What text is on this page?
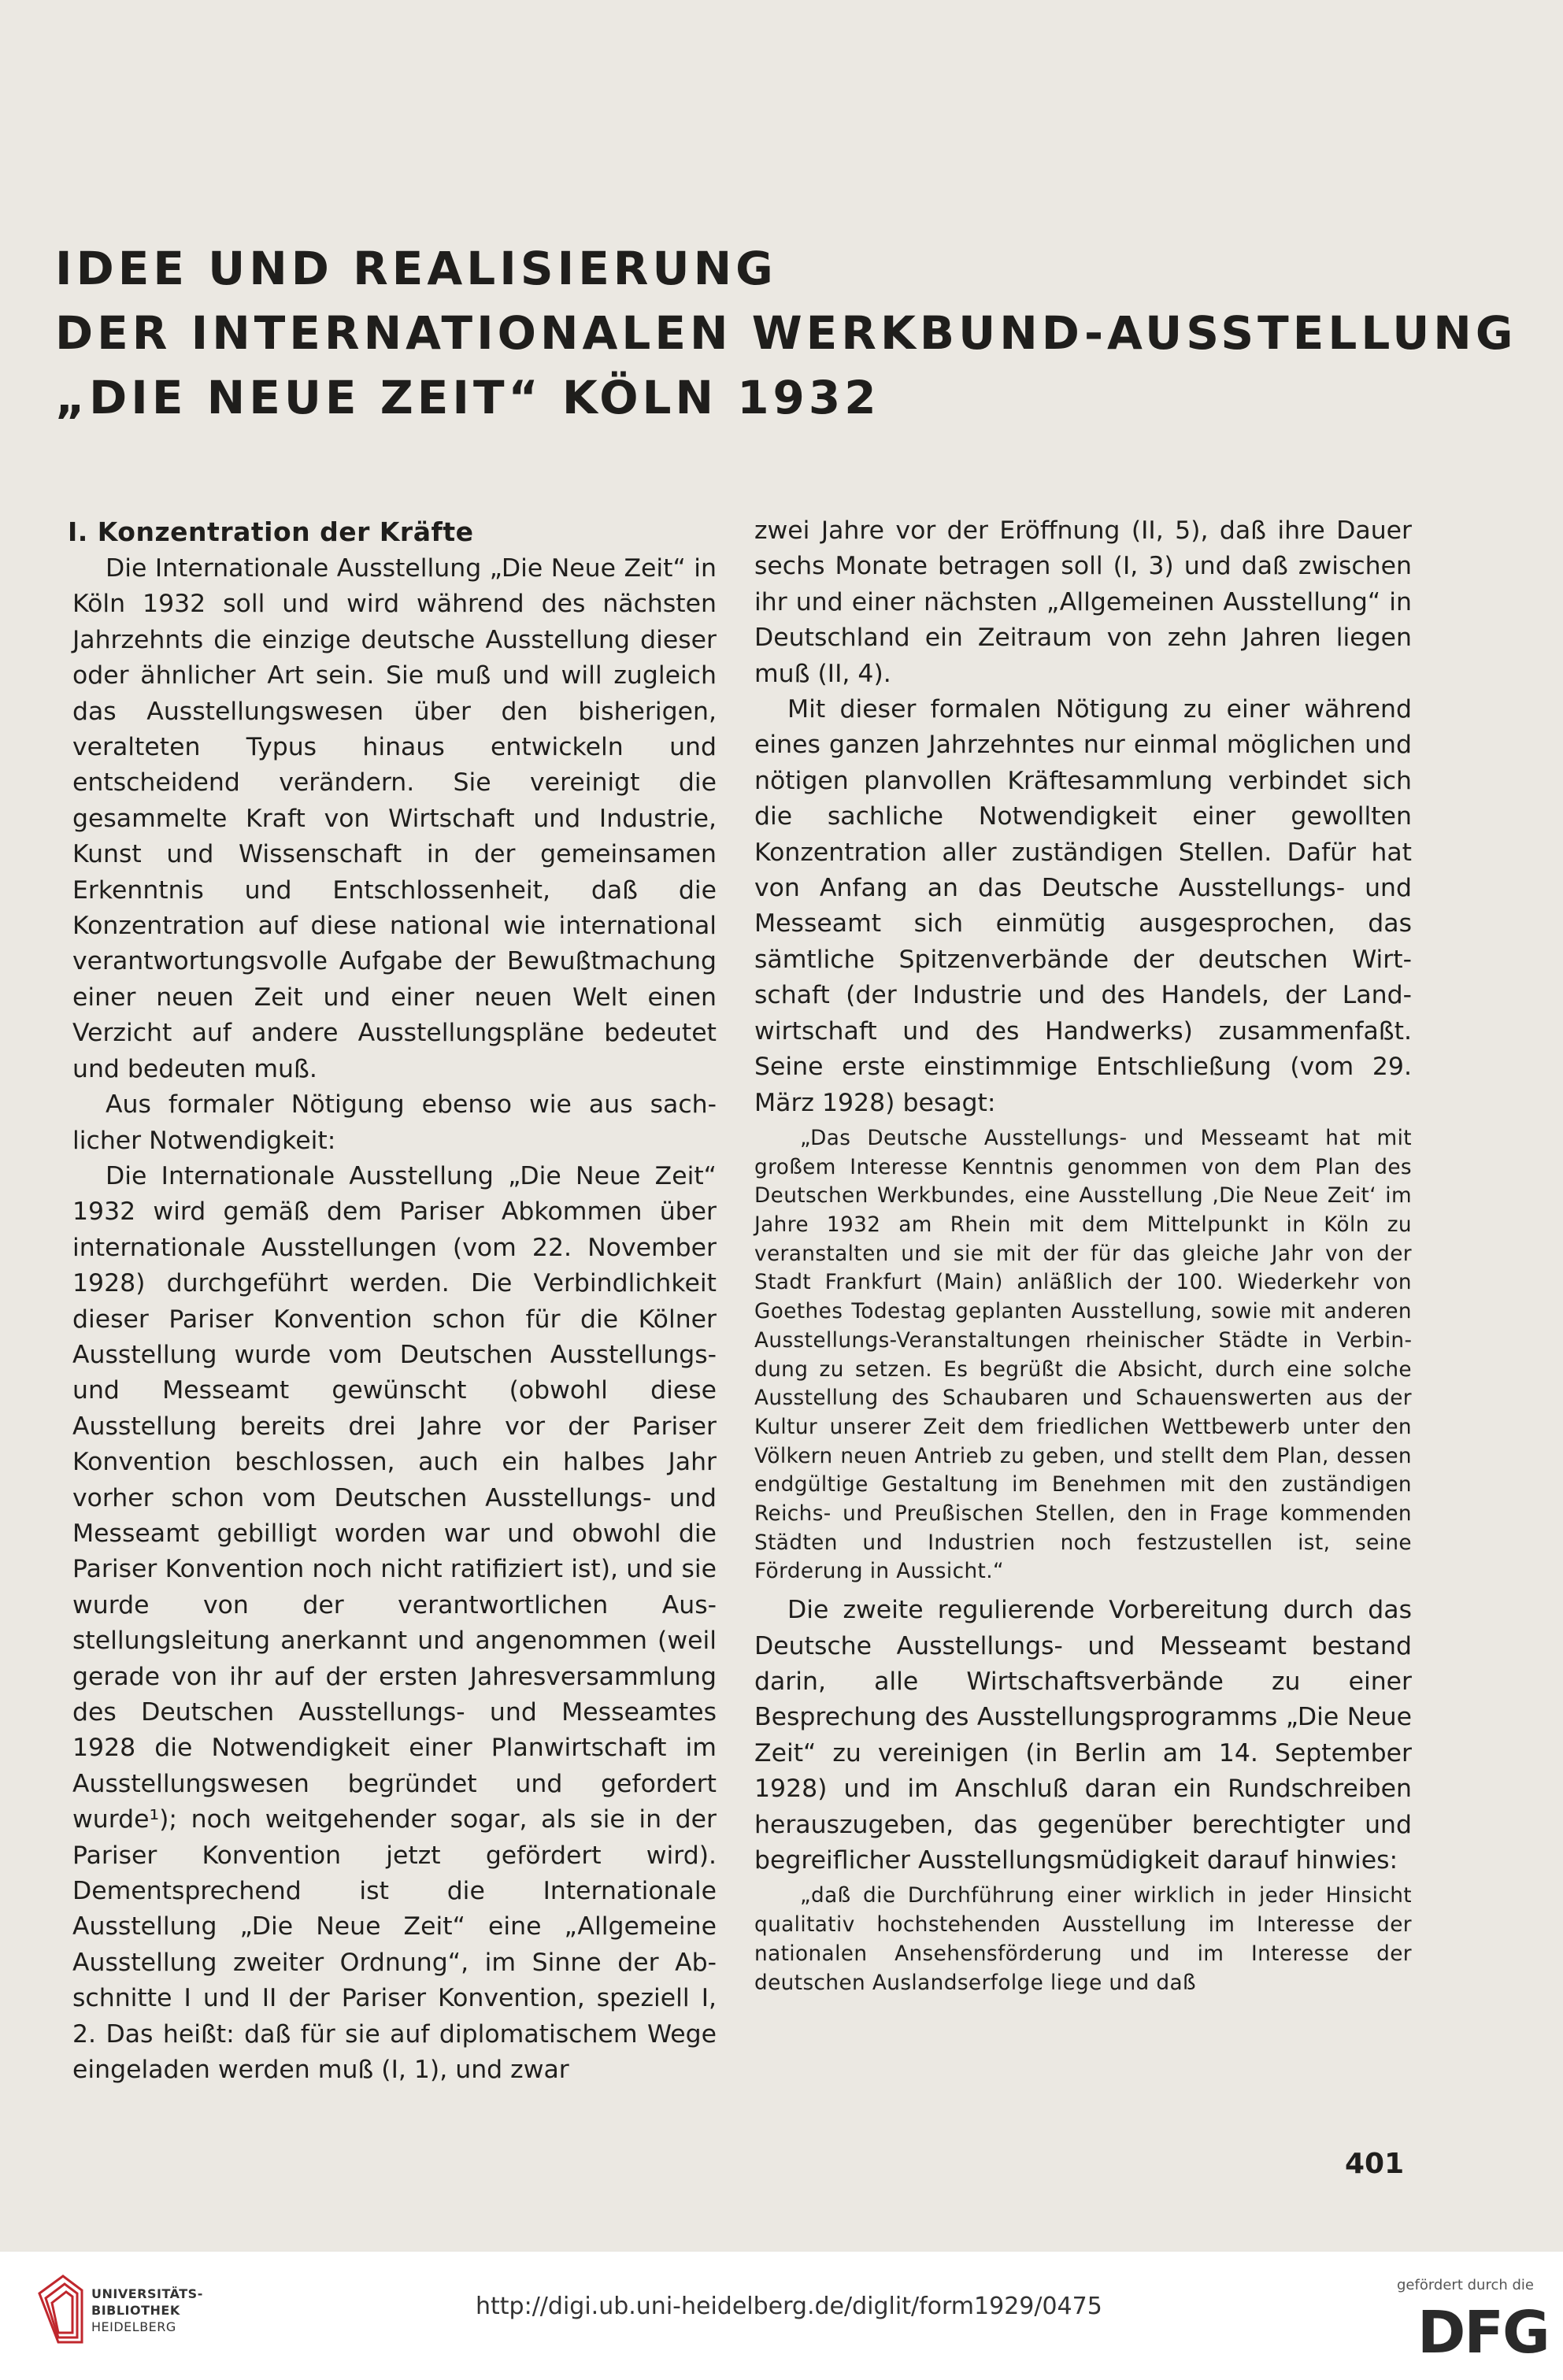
IDEE UND REALISIERUNG
DER INTERNATIONALEN WERKBUND-AUSSTELLUNG
„DIE NEUE ZEIT“ KÖLN 1932
I. Konzentration der Kräfte

Die Internationale Ausstellung „Die Neue Zeit“ in Köln 1932 soll und wird während des nächsten Jahrzehnts die einzige deutsche Ausstellung dieser oder ähnlicher Art sein. Sie muß und will zugleich das Ausstellungswesen über den bisherigen, veralteten Typus hinaus entwickeln und entscheidend verändern. Sie vereinigt die gesammelte Kraft von Wirtschaft und Industrie, Kunst und Wissenschaft in der gemeinsamen Erkenntnis und Entschlossenheit, daß die Konzentration auf diese national wie international verantwortungsvolle Aufgabe der Bewußtmachung einer neuen Zeit und einer neuen Welt einen Verzicht auf andere Ausstellungspläne bedeutet und bedeuten muß.

Aus formaler Nötigung ebenso wie aus sachlicher Notwendigkeit:

Die Internationale Ausstellung „Die Neue Zeit“ 1932 wird gemäß dem Pariser Abkommen über internationale Ausstellungen (vom 22. November 1928) durchgeführt werden. Die Verbindlichkeit dieser Pariser Konvention schon für die Kölner Ausstellung wurde vom Deutschen Ausstellungs- und Messeamt gewünscht (obwohl diese Ausstellung bereits drei Jahre vor der Pariser Konvention beschlossen, auch ein halbes Jahr vorher schon vom Deutschen Ausstellungs- und Messeamt gebilligt worden war und obwohl die Pariser Konvention noch nicht ratifiziert ist), und sie wurde von der verantwortlichen Ausstellungsleitung anerkannt und angenommen (weil gerade von ihr auf der ersten Jahresversammlung des Deutschen Ausstellungs- und Messeamtes 1928 die Notwendigkeit einer Planwirtschaft im Ausstellungswesen begründet und gefordert wurde¹); noch weitgehender sogar, als sie in der Pariser Konvention jetzt gefördert wird). Dementsprechend ist die Internationale Ausstellung „Die Neue Zeit“ eine „Allgemeine Ausstellung zweiter Ordnung“, im Sinne der Abschnitte I und II der Pariser Konvention, speziell I, 2. Das heißt: daß für sie auf diplomatischem Wege eingeladen werden muß (I, 1), und zwar

zwei Jahre vor der Eröffnung (II, 5), daß ihre Dauer sechs Monate betragen soll (I, 3) und daß zwischen ihr und einer nächsten „Allgemeinen Ausstellung“ in Deutschland ein Zeitraum von zehn Jahren liegen muß (II, 4).

Mit dieser formalen Nötigung zu einer während eines ganzen Jahrzehntes nur einmal möglichen und nötigen planvollen Kräftesammlung verbindet sich die sachliche Notwendigkeit einer gewollten Konzentration aller zuständigen Stellen. Dafür hat von Anfang an das Deutsche Ausstellungs- und Messeamt sich einmütig ausgesprochen, das sämtliche Spitzenverbände der deutschen Wirtschaft (der Industrie und des Handels, der Landwirtschaft und des Handwerks) zusammenfaßt. Seine erste einstimmige Entschließung (vom 29. März 1928) besagt:

„Das Deutsche Ausstellungs- und Messeamt hat mit großem Interesse Kenntnis genommen von dem Plan des Deutschen Werkbundes, eine Ausstellung ‚Die Neue Zeit‘ im Jahre 1932 am Rhein mit dem Mittelpunkt in Köln zu veranstalten und sie mit der für das gleiche Jahr von der Stadt Frankfurt (Main) anläßlich der 100. Wiederkehr von Goethes Todestag geplanten Ausstellung, sowie mit anderen Ausstellungs-Veranstaltungen rheinischer Städte in Verbindung zu setzen. Es begrüßt die Absicht, durch eine solche Ausstellung des Schaubaren und Schauenswerten aus der Kultur unserer Zeit dem friedlichen Wettbewerb unter den Völkern neuen Antrieb zu geben, und stellt dem Plan, dessen endgültige Gestaltung im Benehmen mit den zuständigen Reichs- und Preußischen Stellen, den in Frage kommenden Städten und Industrien noch festzustellen ist, seine Förderung in Aussicht.“

Die zweite regulierende Vorbereitung durch das Deutsche Ausstellungs- und Messeamt bestand darin, alle Wirtschaftsverbände zu einer Besprechung des Ausstellungsprogramms „Die Neue Zeit“ zu vereinigen (in Berlin am 14. September 1928) und im Anschluß daran ein Rundschreiben herauszugeben, das gegenüber berechtigter und begreiflicher Ausstellungsmüdigkeit darauf hinwies:

„daß die Durchführung einer wirklich in jeder Hinsicht qualitativ hochstehenden Ausstellung im Interesse der nationalen Ansehensförderung und im Interesse der deutschen Auslandserfolge liege und daß

401
UNIVERSITÄTS-
BIBLIOTHEK
HEIDELBERG
http://digi.ub.uni-heidelberg.de/diglit/form1929/0475
gefördert durch die
DFG
